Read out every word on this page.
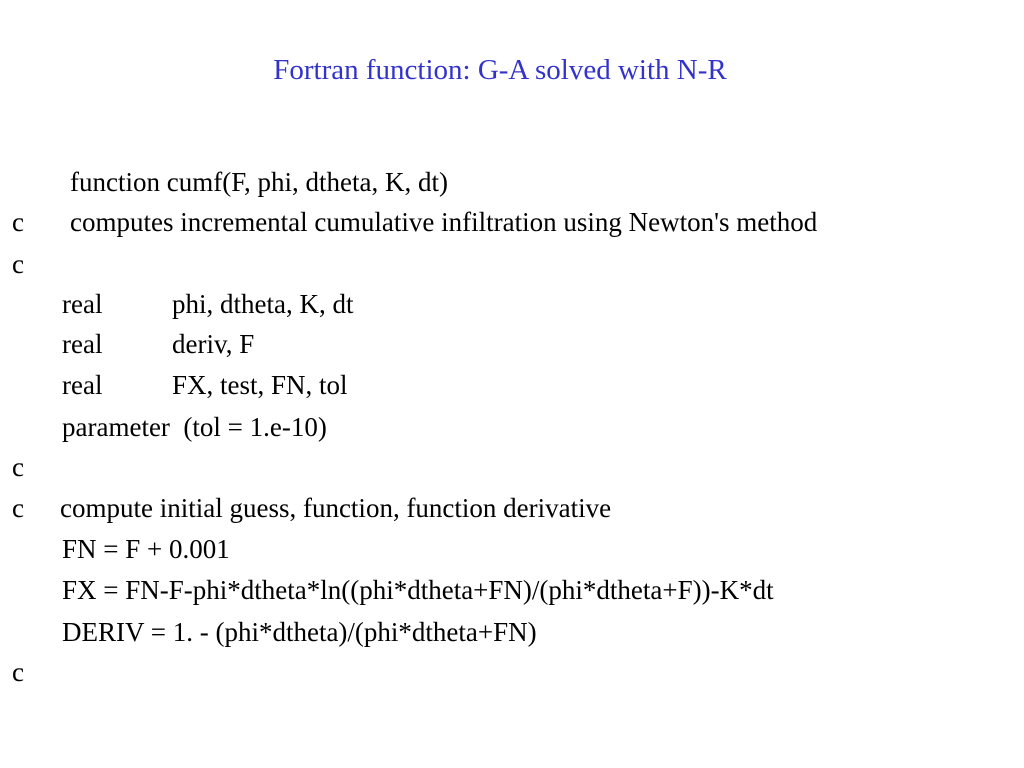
Fortran function: G-A solved with N-R
function cumf(F, phi, dtheta, K, dt)
c computes incremental cumulative infiltration using Newton's method
c
real	phi, dtheta, K, dt
real	deriv, F
real	FX, test, FN, tol
parameter  (tol = 1.e-10)
c
c compute initial guess, function, function derivative
FN = F + 0.001
FX = FN-F-phi*dtheta*ln((phi*dtheta+FN)/(phi*dtheta+F))-K*dt
DERIV = 1. - (phi*dtheta)/(phi*dtheta+FN)
c
